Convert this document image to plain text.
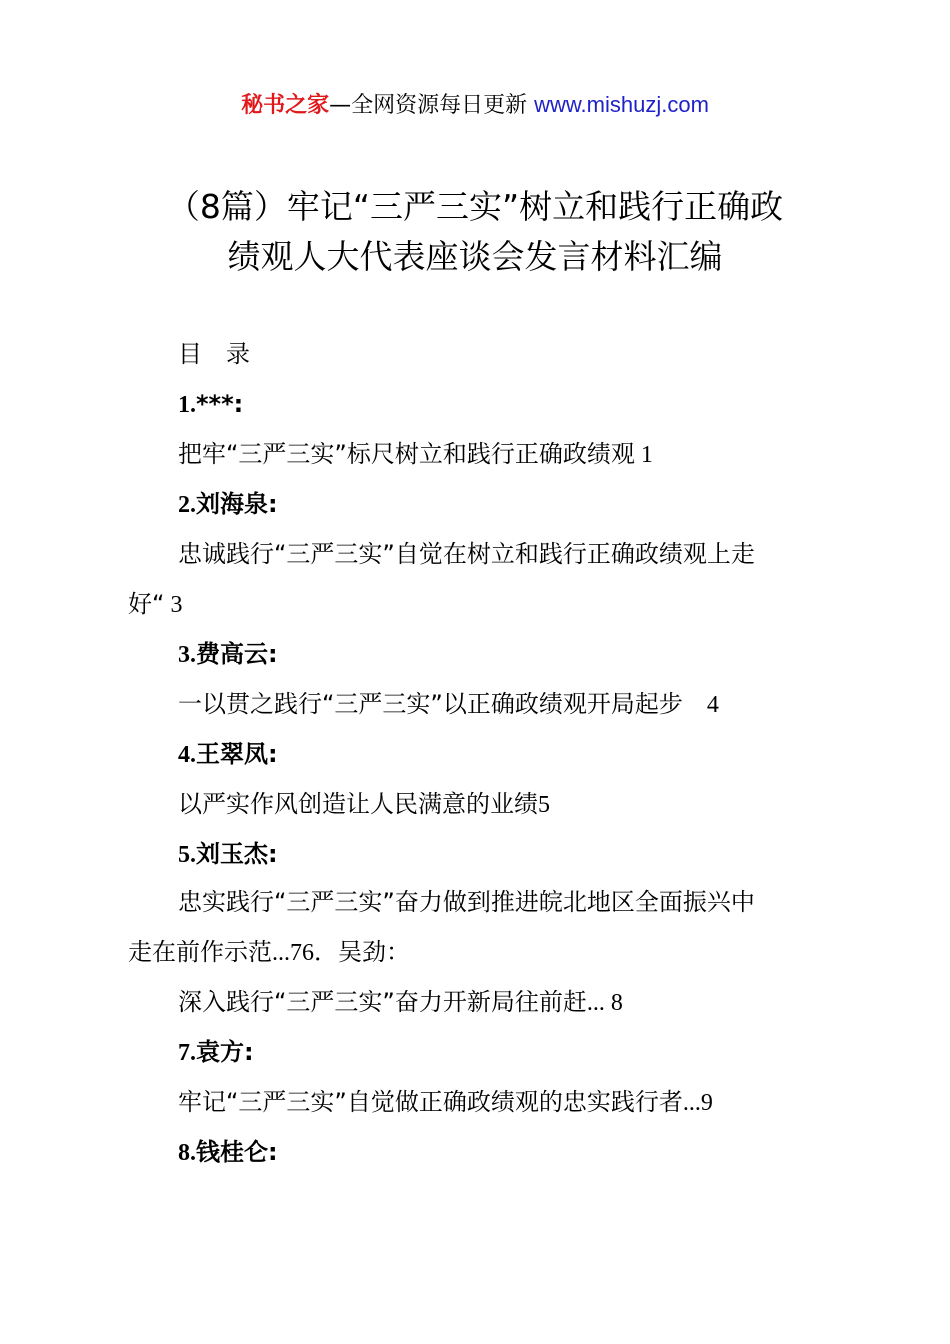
秘书之家—全网资源每日更新 www.mishuzj.com
（8篇）牢记“三严三实”树立和践行正确政
绩观人大代表座谈会发言材料汇编
目　录
1.***:
把牢“三严三实”标尺树立和践行正确政绩观 1
2.刘海泉:
忠诚践行“三严三实”自觉在树立和践行正确政绩观上走
好“ 3
3.费高云:
一以贯之践行“三严三实”以正确政绩观开局起步　4
4.王翠凤:
以严实作风创造让人民满意的业绩5
5.刘玉杰:
忠实践行“三严三实”奋力做到推进皖北地区全面振兴中
走在前作示范...76．吴劲：
深入践行“三严三实”奋力开新局往前赶... 8
7.袁方:
牢记“三严三实”自觉做正确政绩观的忠实践行者...9
8.钱桂仑:
